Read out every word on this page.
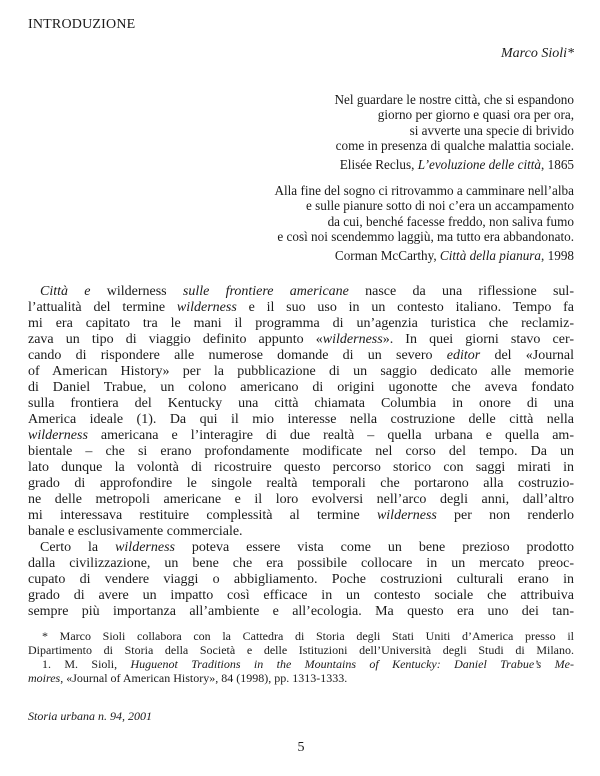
INTRODUZIONE
Marco Sioli*
Nel guardare le nostre città, che si espandono
giorno per giorno e quasi ora per ora,
si avverte una specie di brivido
come in presenza di qualche malattia sociale.
Elisée Reclus, L’evoluzione delle città, 1865
Alla fine del sogno ci ritrovammo a camminare nell’alba
e sulle pianure sotto di noi c’era un accampamento
da cui, benché facesse freddo, non saliva fumo
e così noi scendemmo laggiù, ma tutto era abbandonato.
Corman McCarthy, Città della pianura, 1998
Città e wilderness sulle frontiere americane nasce da una riflessione sul-
l’attualità del termine wilderness e il suo uso in un contesto italiano. Tempo fa
mi era capitato tra le mani il programma di un’agenzia turistica che reclamiz-
zava un tipo di viaggio definito appunto «wilderness». In quei giorni stavo cer-
cando di rispondere alle numerose domande di un severo editor del «Journal
of American History» per la pubblicazione di un saggio dedicato alle memorie
di Daniel Trabue, un colono americano di origini ugonotte che aveva fondato
sulla frontiera del Kentucky una città chiamata Columbia in onore di una
America ideale (1). Da qui il mio interesse nella costruzione delle città nella
wilderness americana e l’interagire di due realtà – quella urbana e quella am-
bientale – che si erano profondamente modificate nel corso del tempo. Da un
lato dunque la volontà di ricostruire questo percorso storico con saggi mirati in
grado di approfondire le singole realtà temporali che portarono alla costruzio-
ne delle metropoli americane e il loro evolversi nell’arco degli anni, dall’altro
mi interessava restituire complessità al termine wilderness per non renderlo
banale e esclusivamente commerciale.
Certo la wilderness poteva essere vista come un bene prezioso prodotto
dalla civilizzazione, un bene che era possibile collocare in un mercato preoc-
cupato di vendere viaggi o abbigliamento. Poche costruzioni culturali erano in
grado di avere un impatto così efficace in un contesto sociale che attribuiva
sempre più importanza all’ambiente e all’ecologia. Ma questo era uno dei tan-
* Marco Sioli collabora con la Cattedra di Storia degli Stati Uniti d’America presso il
Dipartimento di Storia della Società e delle Istituzioni dell’Università degli Studi di Milano.
1. M. Sioli, Huguenot Traditions in the Mountains of Kentucky: Daniel Trabue’s Me-
moires, «Journal of American History», 84 (1998), pp. 1313-1333.
Storia urbana n. 94, 2001
5
